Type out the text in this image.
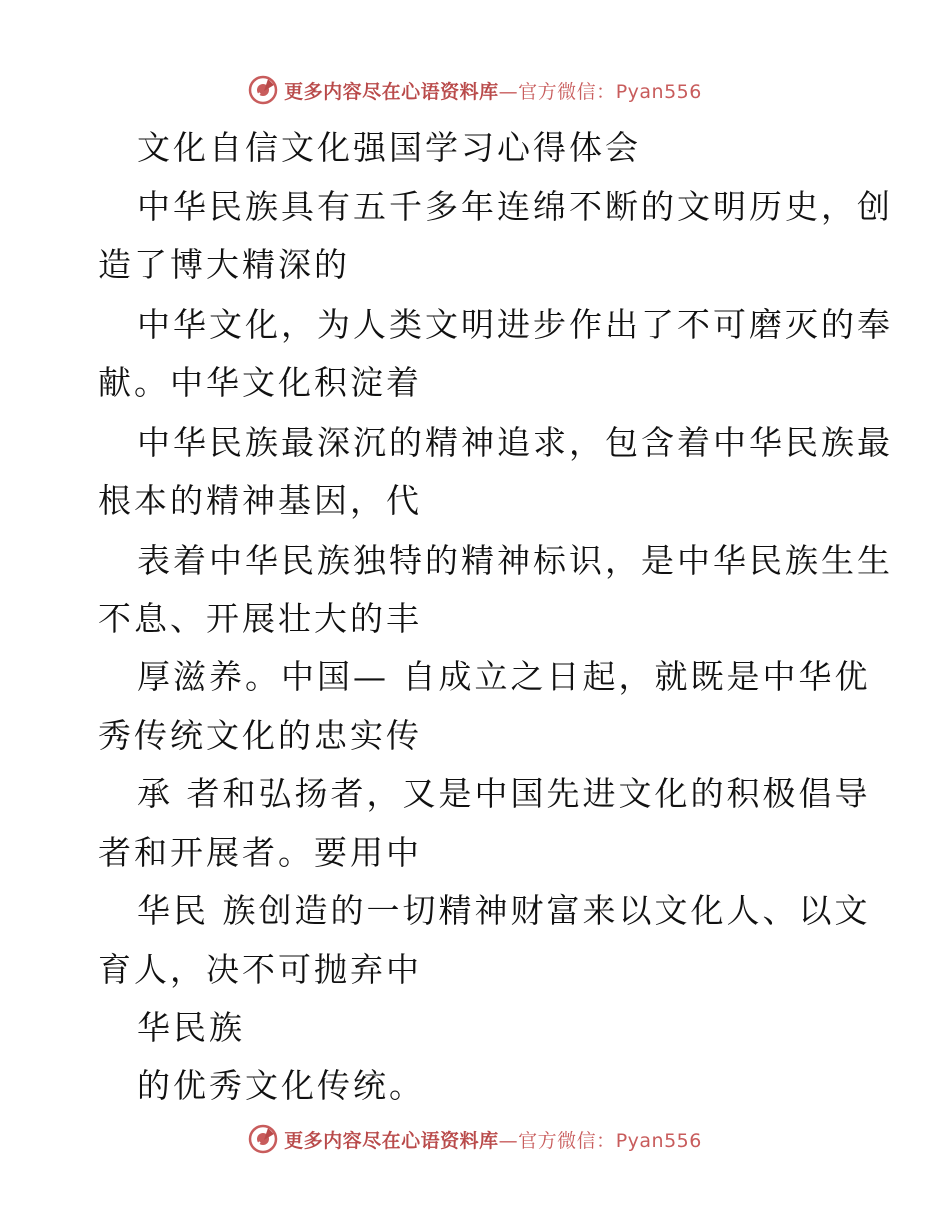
更多内容尽在心语资料库—官方微信：Pyan556
文化自信文化强国学习心得体会
中华民族具有五千多年连绵不断的文明历史，创
造了博大精深的
中华文化，为人类文明进步作出了不可磨灭的奉
献。中华文化积淀着
中华民族最深沉的精神追求，包含着中华民族最
根本的精神基因，代
表着中华民族独特的精神标识，是中华民族生生
不息、开展壮大的丰
厚滋养。中国— 自成立之日起，就既是中华优
秀传统文化的忠实传
承 者和弘扬者，又是中国先进文化的积极倡导
者和开展者。要用中
华民 族创造的一切精神财富来以文化人、以文
育人，决不可抛弃中
华民族
的优秀文化传统。
更多内容尽在心语资料库—官方微信：Pyan556
